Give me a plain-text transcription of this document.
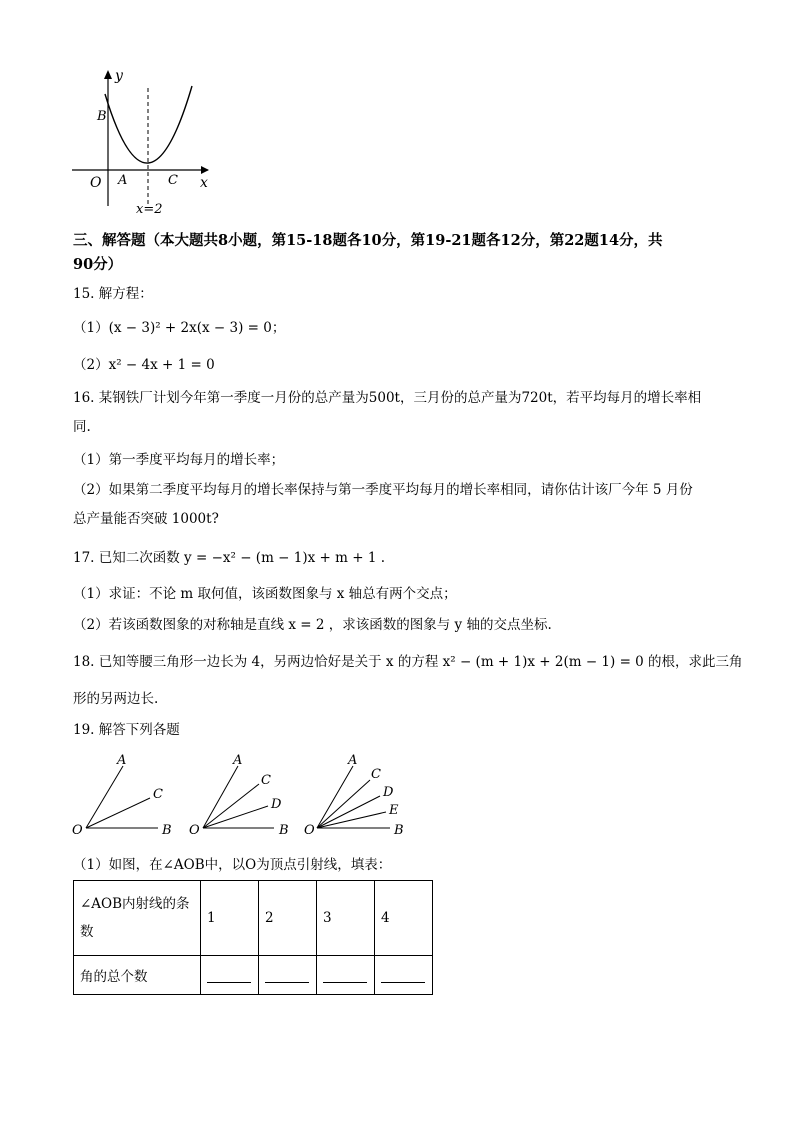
y
x
O
B
A	C
x=2
三、解答题（本大题共8小题，第15-18题各10分，第19-21题各12分，第22题14分，共
90分）
15. 解方程：
（1）(x − 3)² + 2x(x − 3) = 0；
（2）x² − 4x + 1 = 0
16. 某钢铁厂计划今年第一季度一月份的总产量为500t，三月份的总产量为720t，若平均每月的增长率相
同.
（1）第一季度平均每月的增长率；
（2）如果第二季度平均每月的增长率保持与第一季度平均每月的增长率相同，请你估计该厂今年 5 月份
总产量能否突破 1000t?
17. 已知二次函数 y = −x² − (m − 1)x + m + 1 .
（1）求证：不论 m 取何值，该函数图象与 x 轴总有两个交点；
（2）若该函数图象的对称轴是直线 x = 2 ，求该函数的图象与 y 轴的交点坐标.
18. 已知等腰三角形一边长为 4，另两边恰好是关于 x 的方程 x² − (m + 1)x + 2(m − 1) = 0 的根，求此三角
形的另两边长.
19. 解答下列各题
A
C
O	B
A
C
D
O	B
A
C
D
E
O	B
（1）如图，在∠AOB中，以O为顶点引射线，填表：
∠AOB内射线的条数	1	2	3	4
角的总个数				
